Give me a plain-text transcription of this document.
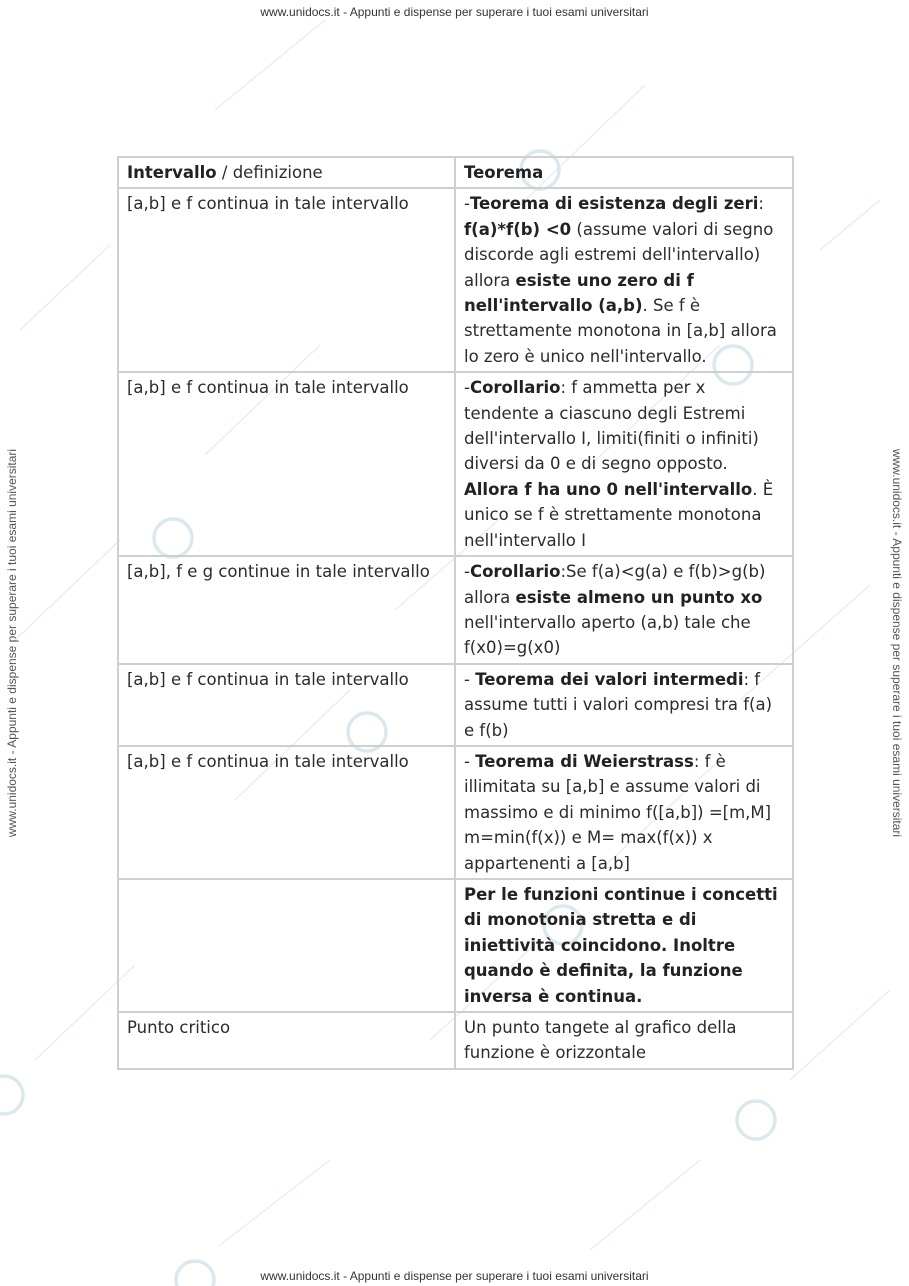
www.unidocs.it - Appunti e dispense per superare i tuoi esami universitari
www.unidocs.it - Appunti e dispense per superare i tuoi esami universitari
www.unidocs.it - Appunti e dispense per superare i tuoi esami universitari	www.unidocs.it - Appunti e dispense per superare i tuoi esami universitari
Intervallo / definizione	Teorema
[a,b] e f continua in tale intervallo	-Teorema di esistenza degli zeri: f(a)*f(b) <0 (assume valori di segno discorde agli estremi dell'intervallo) allora esiste uno zero di f nell'intervallo (a,b). Se f è strettamente monotona in [a,b] allora lo zero è unico nell'intervallo.
[a,b] e f continua in tale intervallo	-Corollario: f ammetta per x tendente a ciascuno degli Estremi dell'intervallo I, limiti(finiti o infiniti) diversi da 0 e di segno opposto. Allora f ha uno 0 nell'intervallo. È unico se f è strettamente monotona nell'intervallo I
[a,b], f e g continue in tale intervallo	-Corollario:Se f(a)<g(a) e f(b)>g(b) allora esiste almeno un punto xo nell'intervallo aperto (a,b) tale che f(x0)=g(x0)
[a,b] e f continua in tale intervallo	- Teorema dei valori intermedi: f assume tutti i valori compresi tra f(a) e f(b)
[a,b] e f continua in tale intervallo	- Teorema di Weierstrass: f è illimitata su [a,b] e assume valori di massimo e di minimo f([a,b]) =[m,M] m=min(f(x)) e M= max(f(x)) x appartenenti a [a,b]
	Per le funzioni continue i concetti di monotonia stretta e di iniettività coincidono. Inoltre quando è definita, la funzione inversa è continua.
Punto critico	Un punto tangete al grafico della funzione è orizzontale
